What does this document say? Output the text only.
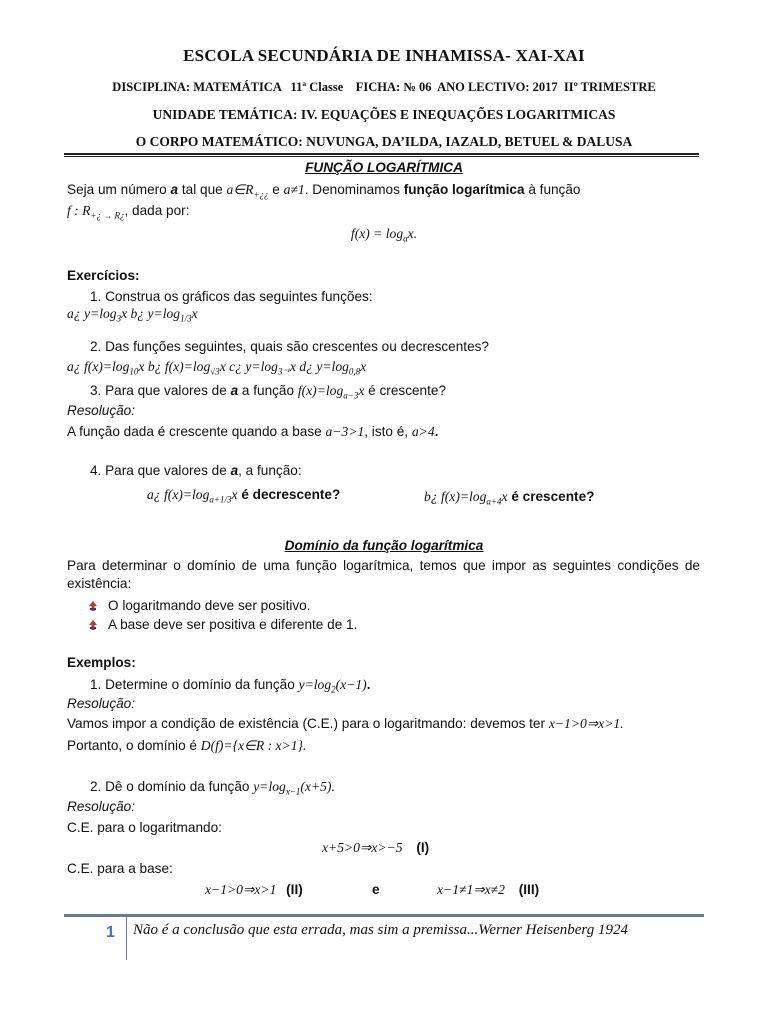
ESCOLA SECUNDÁRIA DE INHAMISSA- XAI-XAI
DISCIPLINA: MATEMÁTICA   11ª Classe    FICHA: № 06  ANO LECTIVO: 2017  IIº TRIMESTRE
UNIDADE TEMÁTICA: IV. EQUAÇÕES E INEQUAÇÕES LOGARITMICAS
O CORPO MATEMÁTICO: NUVUNGA, DA’ILDA, IAZALD, BETUEL & DALUSA
FUNÇÃO LOGARÍTMICA
Seja um número a tal que $a\in R_{+¿¿}$ e a≠1. Denominamos função logarítmica à função
f : $R_{+¿ \to R¿}$, dada por:
$f(x) = \log_ax$.
Exercícios:
1. Construa os gráficos das seguintes funções:
a¿ $y=\log_3x$ b¿ $y=\log_{1/3}x$
2. Das funções seguintes, quais são crescentes ou decrescentes?
a¿ $f(x)=\log_{10}x$ b¿ $f(x)=\log_{√3}x$ c¿ $y=\log_{3^{-1}}x$ d¿ $y=\log_{0,8}x$
3. Para que valores de a a função $f(x)=\log_{a-3}x$ é crescente?
Resolução:
A função dada é crescente quando a base a−3>1, isto é, a>4.
4. Para que valores de a, a função:
a¿ $f(x)=\log_{a+1/3}x$ é decrescente?	b¿ $f(x)=\log_{a+4}x$ é crescente?
Domínio da função logarítmica
Para determinar o domínio de uma função logarítmica, temos que impor as seguintes condições de existência:
O logaritmando deve ser positivo.
A base deve ser positiva e diferente de 1.
Exemplos:
1. Determine o domínio da função $y=\log_2(x-1)$.
Resolução:
Vamos impor a condição de existência (C.E.) para o logaritmando: devemos ter x−1>0⇒x>1.
Portanto, o domínio é D(f)={x∈R : x>1}.
2. Dê o domínio da função $y=\log_{x-1}(x+5)$.
Resolução:
C.E. para o logaritmando:
x+5>0⇒x>−5 (I)
C.E. para a base:
x−1>0⇒x>1 (II)	e	x−1≠1⇒x≠2 (III)
1 Não é a conclusão que esta errada, mas sim a premissa...Werner Heisenberg 1924
